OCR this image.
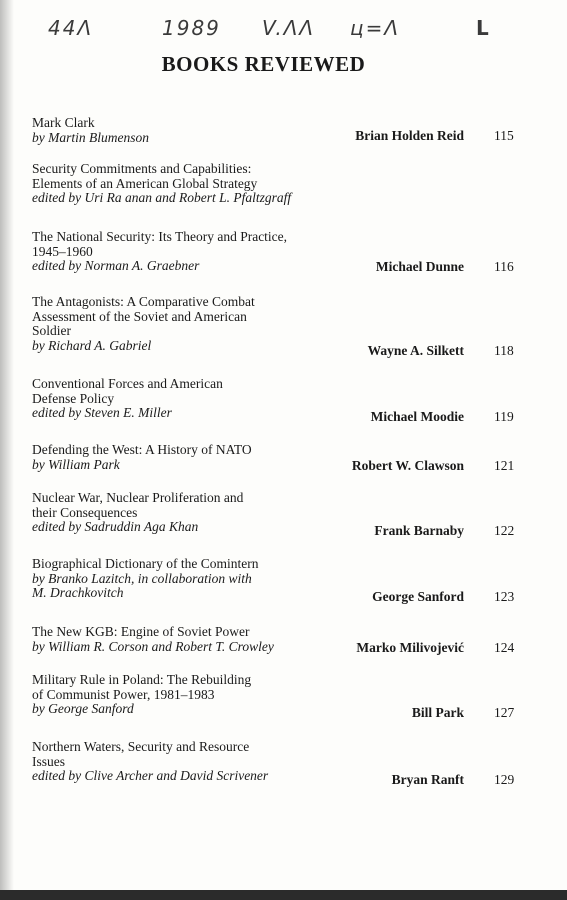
44Λ	1989 V.ΛΛ ц=Λ	L
BOOKS REVIEWED
Mark Clark
by Martin Blumenson	Brian Holden Reid 115
Security Commitments and Capabilities:
Elements of an American Global Strategy
edited by Uri Ra anan and Robert L. Pfaltzgraff
The National Security: Its Theory and Practice,
1945–1960
edited by Norman A. Graebner	Michael Dunne 116
The Antagonists: A Comparative Combat
Assessment of the Soviet and American
Soldier
by Richard A. Gabriel	Wayne A. Silkett 118
Conventional Forces and American
Defense Policy
edited by Steven E. Miller	Michael Moodie 119
Defending the West: A History of NATO
by William Park	Robert W. Clawson 121
Nuclear War, Nuclear Proliferation and
their Consequences
edited by Sadruddin Aga Khan	Frank Barnaby 122
Biographical Dictionary of the Comintern
by Branko Lazitch, in collaboration with
M. Drachkovitch	George Sanford 123
The New KGB: Engine of Soviet Power
by William R. Corson and Robert T. Crowley	Marko Milivojević 124
Military Rule in Poland: The Rebuilding
of Communist Power, 1981–1983
by George Sanford	Bill Park 127
Northern Waters, Security and Resource
Issues
edited by Clive Archer and David Scrivener	Bryan Ranft 129
